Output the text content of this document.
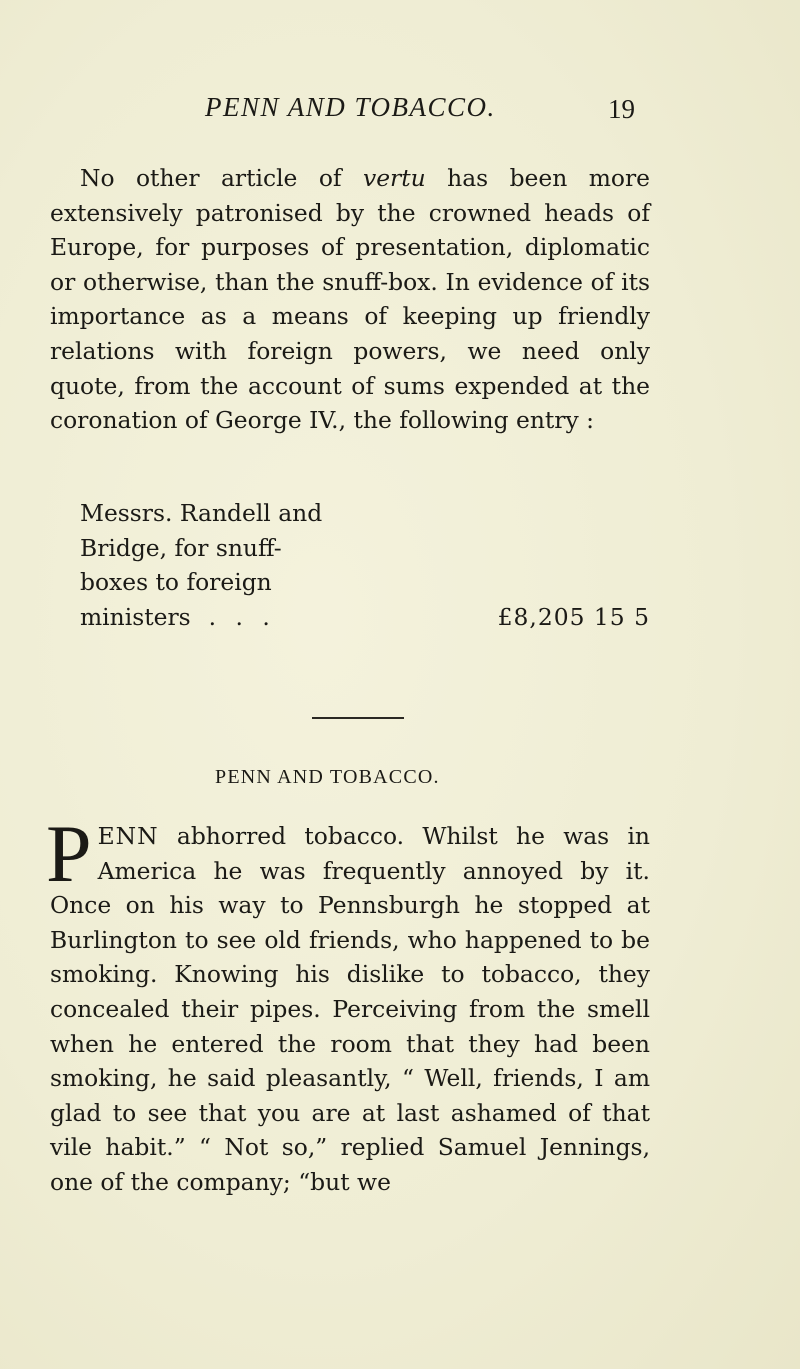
PENN AND TOBACCO.	19

No other article of vertu has been more extensively patronised by the crowned heads of Europe, for purposes of presentation, diplomatic or otherwise, than the snuff-box. In evidence of its importance as a means of keeping up friendly relations with foreign powers, we need only quote, from the account of sums expended at the coronation of George IV., the following entry :

Messrs. Randell and
Bridge, for snuff-
boxes to foreign
ministers . . .	£8,205 15 5
PENN AND TOBACCO.

PENN abhorred tobacco. Whilst he was in America he was frequently annoyed by it. Once on his way to Pennsburgh he stopped at Burlington to see old friends, who happened to be smoking. Knowing his dislike to tobacco, they concealed their pipes. Perceiving from the smell when he entered the room that they had been smoking, he said pleasantly, “ Well, friends, I am glad to see that you are at last ashamed of that vile habit.” “ Not so,” replied Samuel Jennings, one of the company; “but we
